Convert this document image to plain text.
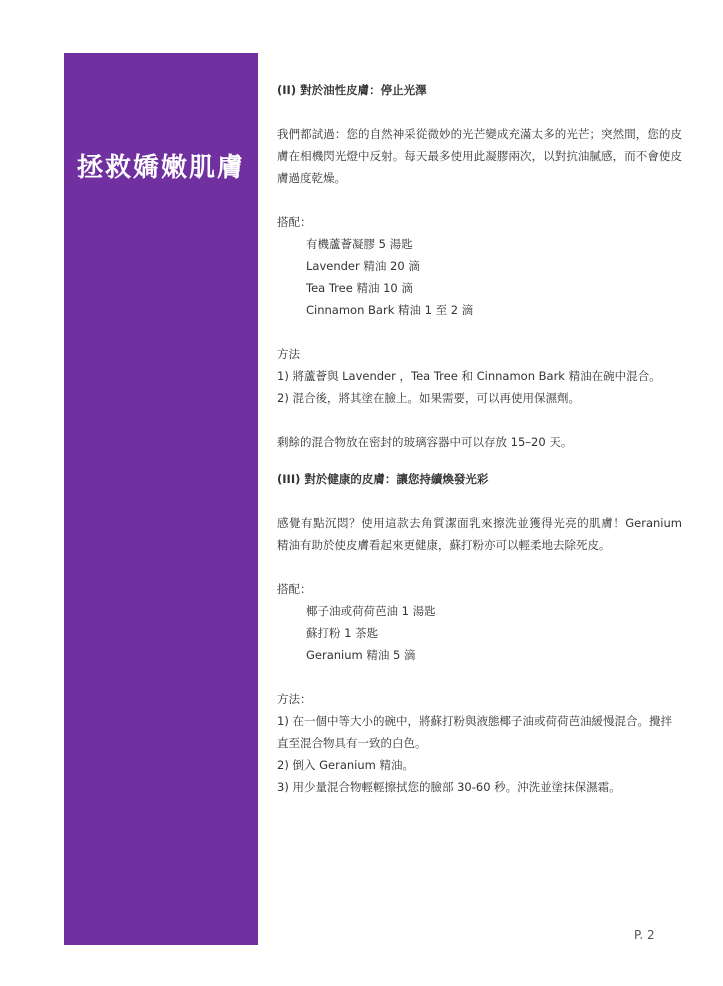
拯救嬌嫩肌膚

(II) 對於油性皮膚：停止光澤

我們都試過：您的自然神采從微妙的光芒變成充滿太多的光芒；突然間，您的皮膚在相機閃光燈中反射。每天最多使用此凝膠兩次，以對抗油膩感，而不會使皮膚過度乾燥。

搭配：

有機蘆薈凝膠 5 湯匙
Lavender 精油 20 滴
Tea Tree 精油 10 滴
Cinnamon Bark 精油 1 至 2 滴

方法

1) 將蘆薈與 Lavender ，Tea Tree 和 Cinnamon Bark 精油在碗中混合。
2) 混合後，將其塗在臉上。如果需要，可以再使用保濕劑。

剩餘的混合物放在密封的玻璃容器中可以存放 15–20 天。

(III) 對於健康的皮膚：讓您持續煥發光彩

感覺有點沉悶？使用這款去角質潔面乳來擦洗並獲得光亮的肌膚！Geranium 精油有助於使皮膚看起來更健康，蘇打粉亦可以輕柔地去除死皮。

搭配：

椰子油或荷荷芭油 1 湯匙
蘇打粉 1 茶匙
Geranium 精油 5 滴

方法：

1) 在一個中等大小的碗中，將蘇打粉與液態椰子油或荷荷芭油緩慢混合。攪拌直至混合物具有一致的白色。
2) 倒入 Geranium 精油。
3) 用少量混合物輕輕擦拭您的臉部 30-60 秒。沖洗並塗抹保濕霜。
P. 2
